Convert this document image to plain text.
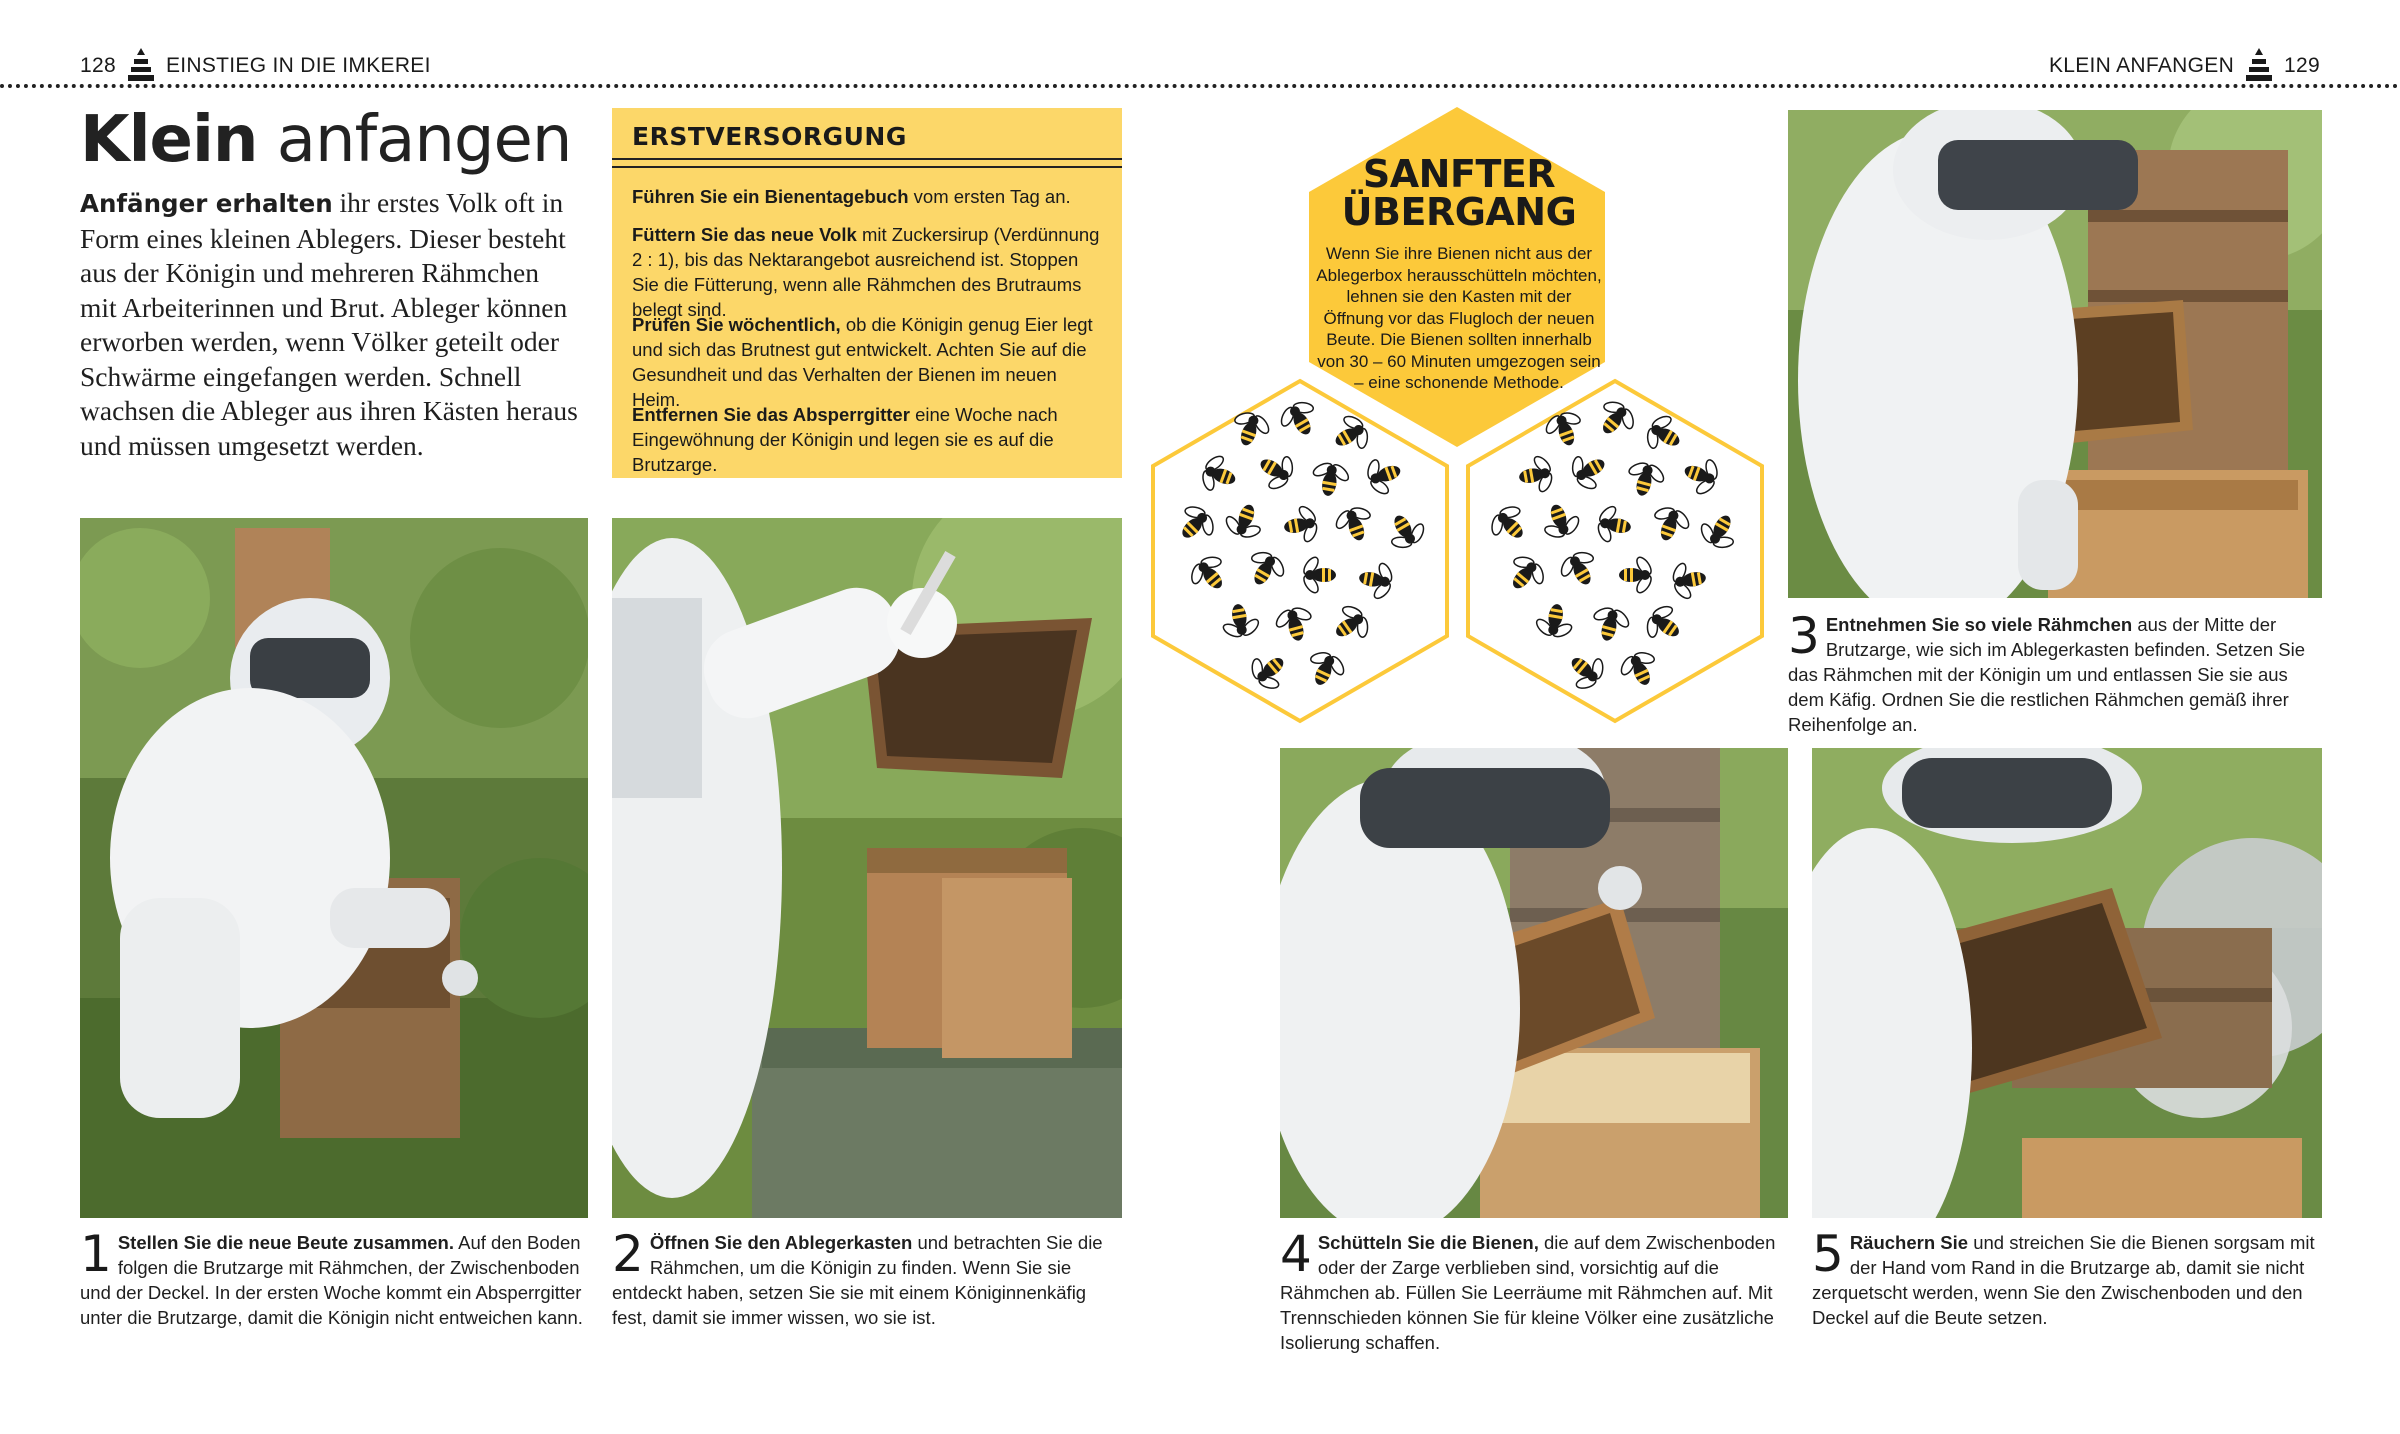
128 EINSTIEG IN DIE IMKEREI	KLEIN ANFANGEN 129
Klein anfangen
Anfänger erhalten ihr erstes Volk oft in Form eines kleinen Ablegers. Dieser besteht aus der Königin und mehreren Rähmchen mit Arbeiterinnen und Brut. Ableger können erworben werden, wenn Völker geteilt oder Schwärme eingefangen werden. Schnell wachsen die Ableger aus ihren Kästen heraus und müssen umgesetzt werden.
ERSTVERSORGUNG
Führen Sie ein Bienentagebuch vom ersten Tag an.
Füttern Sie das neue Volk mit Zuckersirup (Verdünnung 2 : 1), bis das Nektarangebot ausreichend ist. Stoppen Sie die Fütterung, wenn alle Rähmchen des Brutraums belegt sind.
Prüfen Sie wöchentlich, ob die Königin genug Eier legt und sich das Brutnest gut entwickelt. Achten Sie auf die Gesundheit und das Verhalten der Bienen im neuen Heim.
Entfernen Sie das Absperrgitter eine Woche nach Eingewöhnung der Königin und legen sie es auf die Brutzarge.
SANFTER
ÜBERGANG
Wenn Sie ihre Bienen nicht aus der Ablegerbox herausschütteln möchten, lehnen sie den Kasten mit der Öffnung vor das Flugloch der neuen Beute. Die Bienen sollten innerhalb von 30 – 60 Minuten umgezogen sein – eine schonende Methode.
1 Stellen Sie die neue Beute zusammen. Auf den Boden folgen die Brutzarge mit Rähmchen, der Zwischenboden und der Deckel. In der ersten Woche kommt ein Absperrgitter unter die Brutzarge, damit die Königin nicht entweichen kann.
2 Öffnen Sie den Ablegerkasten und betrachten Sie die Rähmchen, um die Königin zu finden. Wenn Sie sie entdeckt haben, setzen Sie sie mit einem Königinnenkäfig fest, damit sie immer wissen, wo sie ist.
3 Entnehmen Sie so viele Rähmchen aus der Mitte der Brutzarge, wie sich im Ablegerkasten befinden. Setzen Sie das Rähmchen mit der Königin um und entlassen Sie sie aus dem Käfig. Ordnen Sie die restlichen Rähmchen gemäß ihrer Reihenfolge an.
4 Schütteln Sie die Bienen, die auf dem Zwischenboden oder der Zarge verblieben sind, vorsichtig auf die Rähmchen ab. Füllen Sie Leerräume mit Rähmchen auf. Mit Trennschieden können Sie für kleine Völker eine zusätzliche Isolierung schaffen.
5 Räuchern Sie und streichen Sie die Bienen sorgsam mit der Hand vom Rand in die Brutzarge ab, damit sie nicht zerquetscht werden, wenn Sie den Zwischenboden und den Deckel auf die Beute setzen.
